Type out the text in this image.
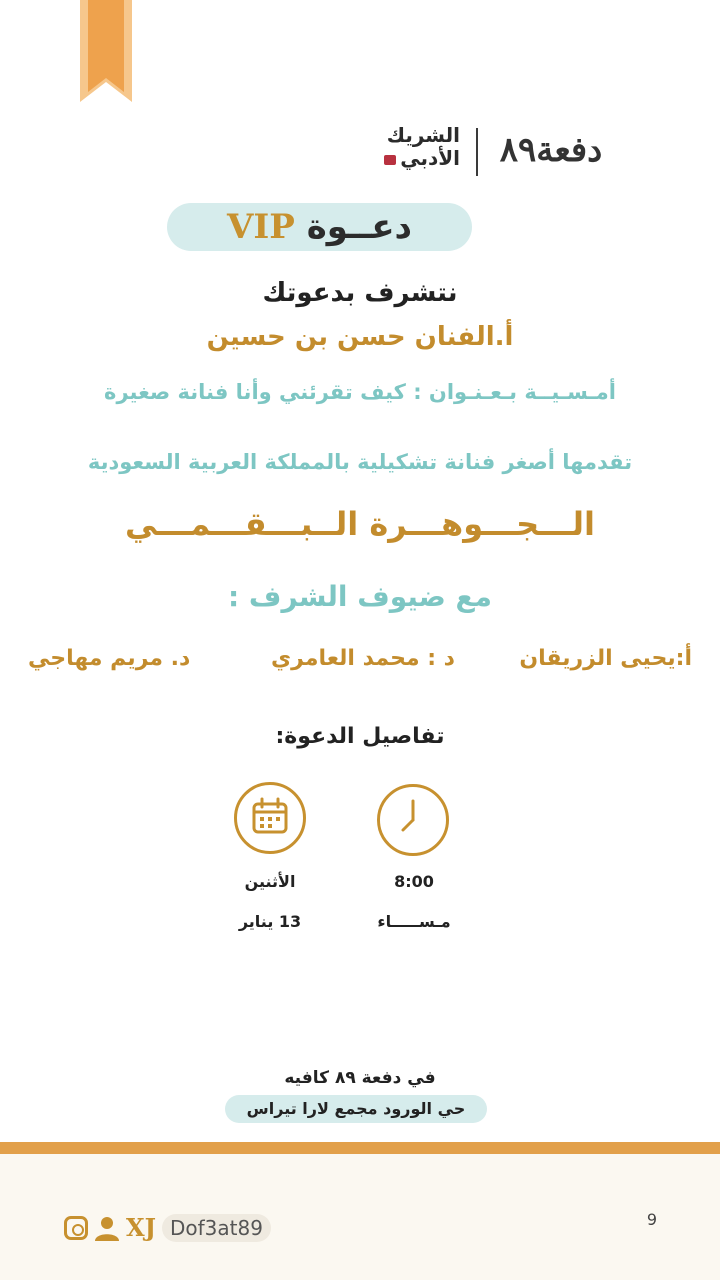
الشريك
الأدبي دفعة٨٩
دعــوة VIP
نتشرف بدعوتك
أ.الفنان حسن بن حسين
أمـسـيــة بـعـنـوان : كيف تقرئني وأنا فنانة صغيرة
تقدمها أصغر فنانة تشكيلية بالمملكة العربية السعودية
الـــجـــوهـــرة الــبـــقـــمـــي
مع ضيوف الشرف :
أ:يحيى الزريقان
د : محمد العامري
د. مريم مهاجي
تفاصيل الدعوة:
8:00
الأثنين
مـســـــاء
13 يناير
في دفعة ٨٩ كافيه
حي الورود مجمع لارا تيراس
XJ Dof3at89	9
